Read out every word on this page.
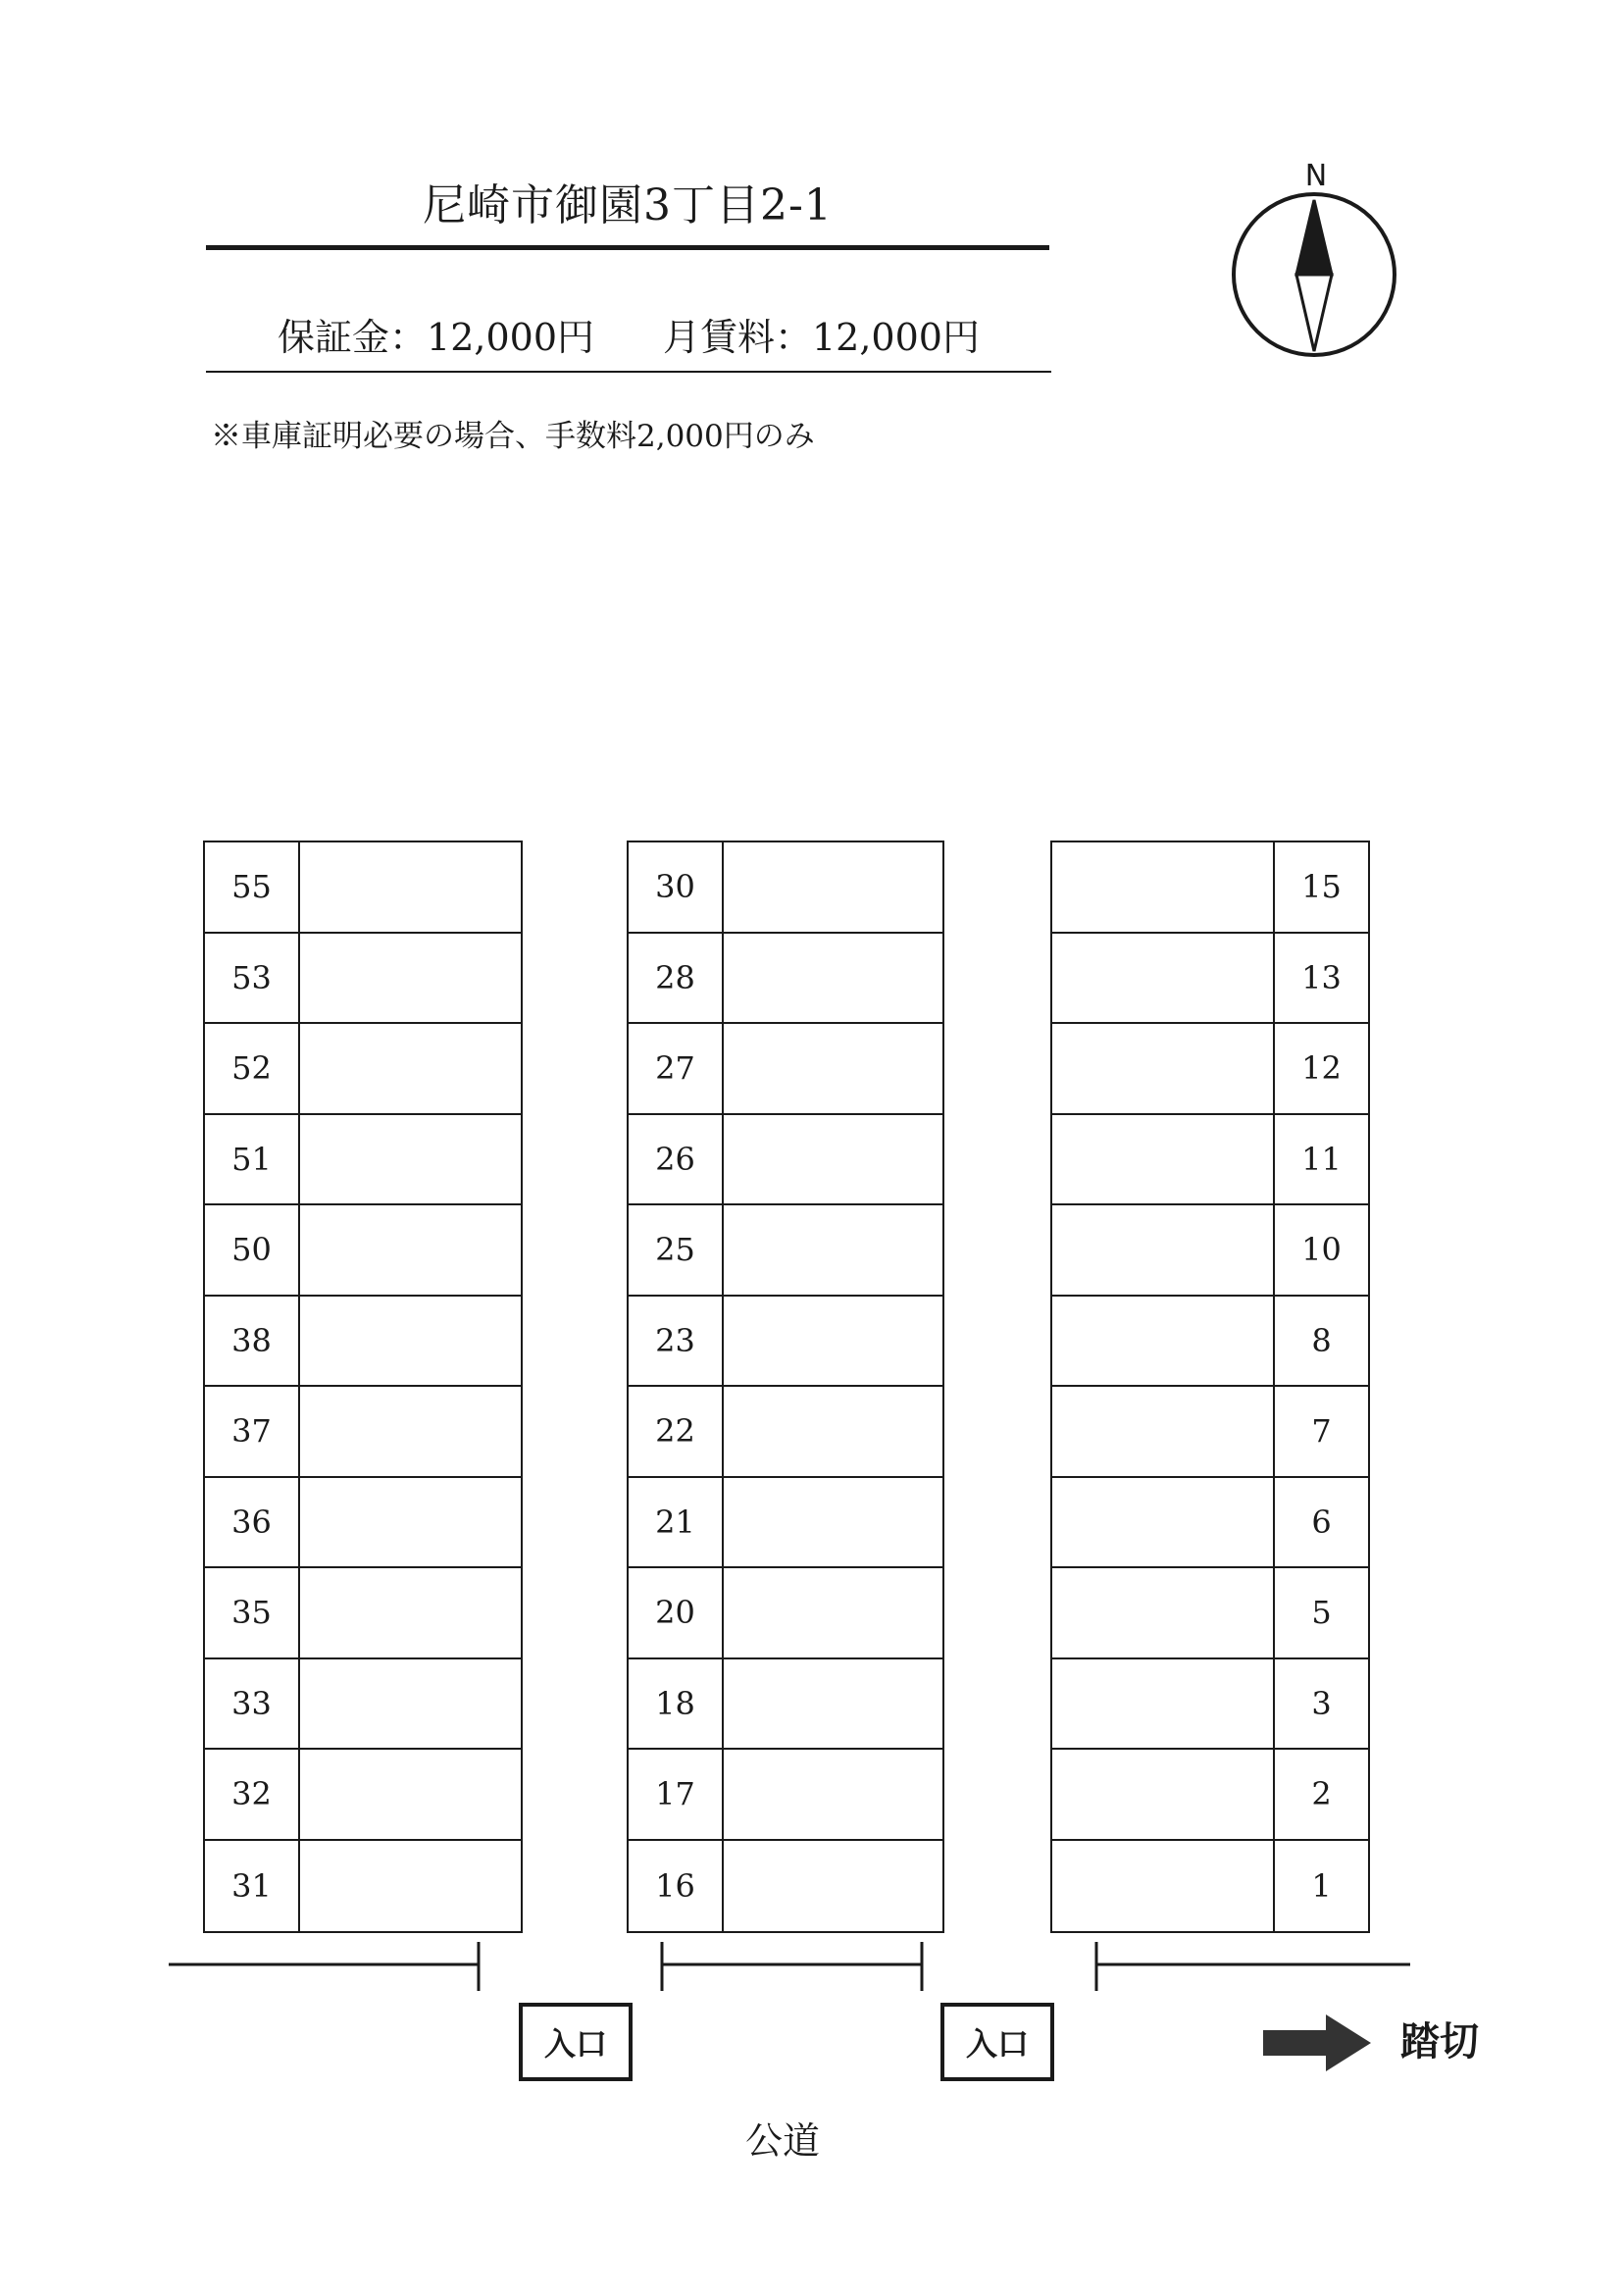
尼崎市御園3丁目2-1
保証金：12,000円 月賃料：12,000円
※車庫証明必要の場合、手数料2,000円のみ
N
55
53
52
51
50
38
37
36
35
33
32
31
30
28
27
26
25
23
22
21
20
18
17
16
15
13
12
11
10
8
7
6
5
3
2
1
入口	入口	踏切
公道
